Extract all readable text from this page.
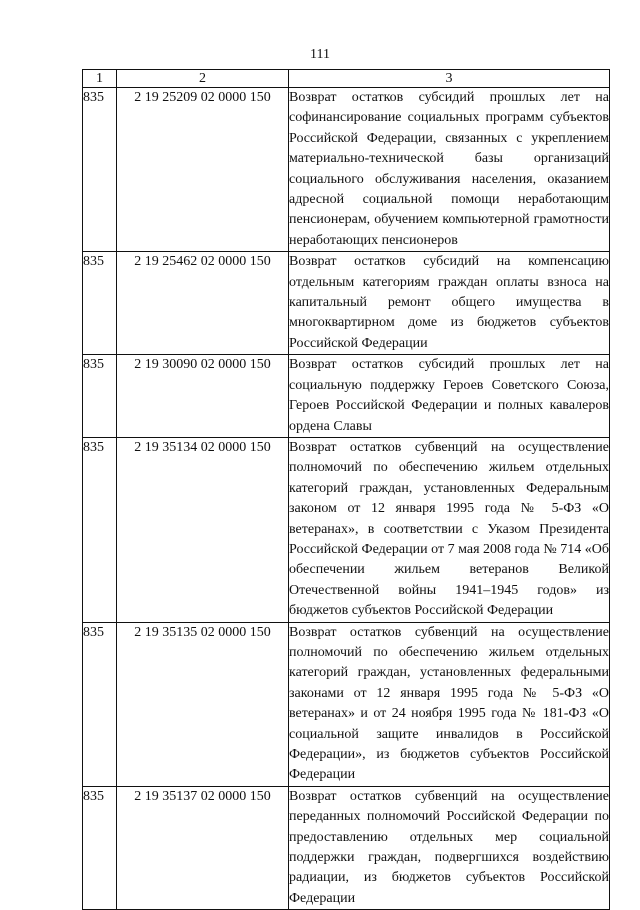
111
1	2	3
835	2 19 25209 02 0000 150	Возврат остатков субсидий прошлых лет на софинансирование социальных программ субъектов Российской Федерации, связанных с укреплением материально-технической базы организаций социального обслуживания населения, оказанием адресной социальной помощи неработающим пенсионерам, обучением компьютерной грамотности неработающих пенсионеров
835	2 19 25462 02 0000 150	Возврат остатков субсидий на компенсацию отдельным категориям граждан оплаты взноса на капитальный ремонт общего имущества в многоквартирном доме из бюджетов субъектов Российской Федерации
835	2 19 30090 02 0000 150	Возврат остатков субсидий прошлых лет на социальную поддержку Героев Советского Союза, Героев Российской Федерации и полных кавалеров ордена Славы
835	2 19 35134 02 0000 150	Возврат остатков субвенций на осуществление полномочий по обеспечению жильем отдельных категорий граждан, установленных Федеральным законом от 12 января 1995 года № 5-ФЗ «О ветеранах», в соответствии с Указом Президента Российской Федерации от 7 мая 2008 года № 714 «Об обеспечении жильем ветеранов Великой Отечественной войны 1941–1945 годов» из бюджетов субъектов Российской Федерации
835	2 19 35135 02 0000 150	Возврат остатков субвенций на осуществление полномочий по обеспечению жильем отдельных категорий граждан, установленных федеральными законами от 12 января 1995 года № 5-ФЗ «О ветеранах» и от 24 ноября 1995 года № 181-ФЗ «О социальной защите инвалидов в Российской Федерации», из бюджетов субъектов Российской Федерации
835	2 19 35137 02 0000 150	Возврат остатков субвенций на осуществление переданных полномочий Российской Федерации по предоставлению отдельных мер социальной поддержки граждан, подвергшихся воздействию радиации, из бюджетов субъектов Российской Федерации
